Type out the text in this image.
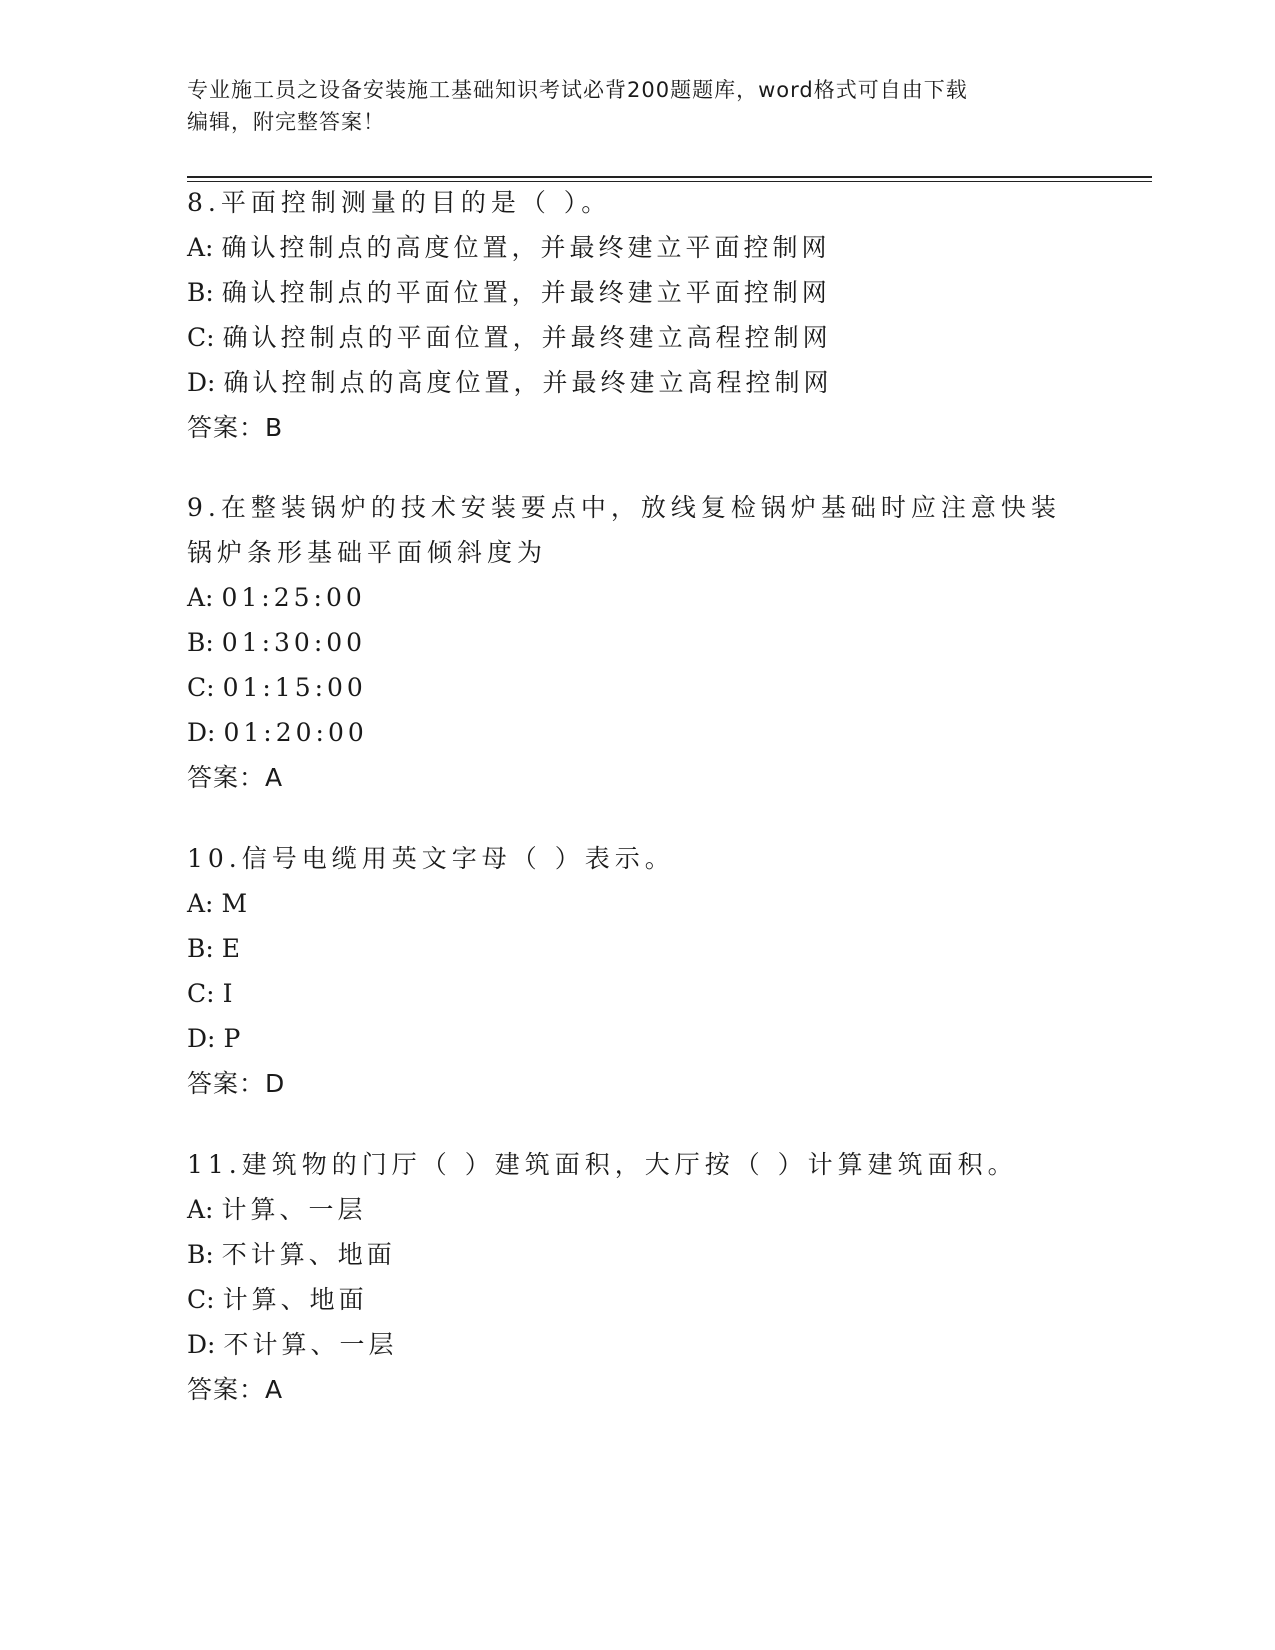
专业施工员之设备安装施工基础知识考试必背200题题库，word格式可自由下载
编辑，附完整答案！
8.平面控制测量的目的是（ ）。
A: 确认控制点的高度位置，并最终建立平面控制网
B: 确认控制点的平面位置，并最终建立平面控制网
C: 确认控制点的平面位置，并最终建立高程控制网
D: 确认控制点的高度位置，并最终建立高程控制网
答案：B
9.在整装锅炉的技术安装要点中，放线复检锅炉基础时应注意快装锅炉条形基础平面倾斜度为
A: 01:25:00
B: 01:30:00
C: 01:15:00
D: 01:20:00
答案：A
10.信号电缆用英文字母（ ）表示。
A: M
B: E
C: I
D: P
答案：D
11.建筑物的门厅（ ）建筑面积，大厅按（ ）计算建筑面积。
A: 计算、一层
B: 不计算、地面
C: 计算、地面
D: 不计算、一层
答案：A
